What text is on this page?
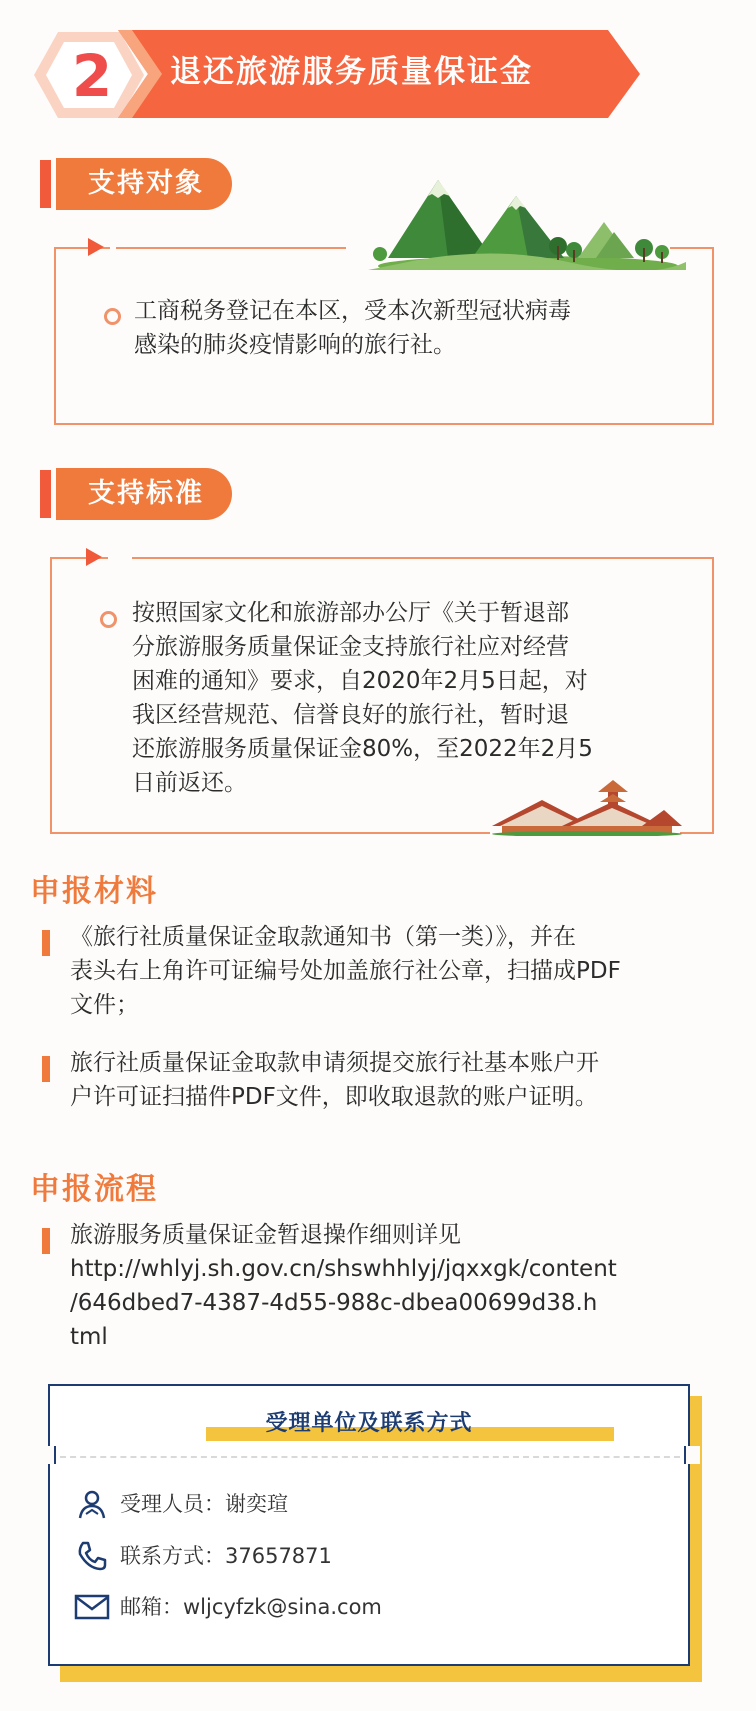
2	退还旅游服务质量保证金
支持对象
工商税务登记在本区，受本次新型冠状病毒
感染的肺炎疫情影响的旅行社。
支持标准
按照国家文化和旅游部办公厅《关于暂退部
分旅游服务质量保证金支持旅行社应对经营
困难的通知》要求，自2020年2月5日起，对
我区经营规范、信誉良好的旅行社，暂时退
还旅游服务质量保证金80%，至2022年2月5
日前返还。
申报材料
《旅行社质量保证金取款通知书（第一类）》，并在
表头右上角许可证编号处加盖旅行社公章，扫描成PDF
文件；
旅行社质量保证金取款申请须提交旅行社基本账户开
户许可证扫描件PDF文件，即收取退款的账户证明。
申报流程
旅游服务质量保证金暂退操作细则详见
http://whlyj.sh.gov.cn/shswhhlyj/jqxxgk/content
/646dbed7-4387-4d55-988c-dbea00699d38.h
tml
受理单位及联系方式
受理人员：谢奕瑄
联系方式：37657871
邮箱：wljcyfzk@sina.com
